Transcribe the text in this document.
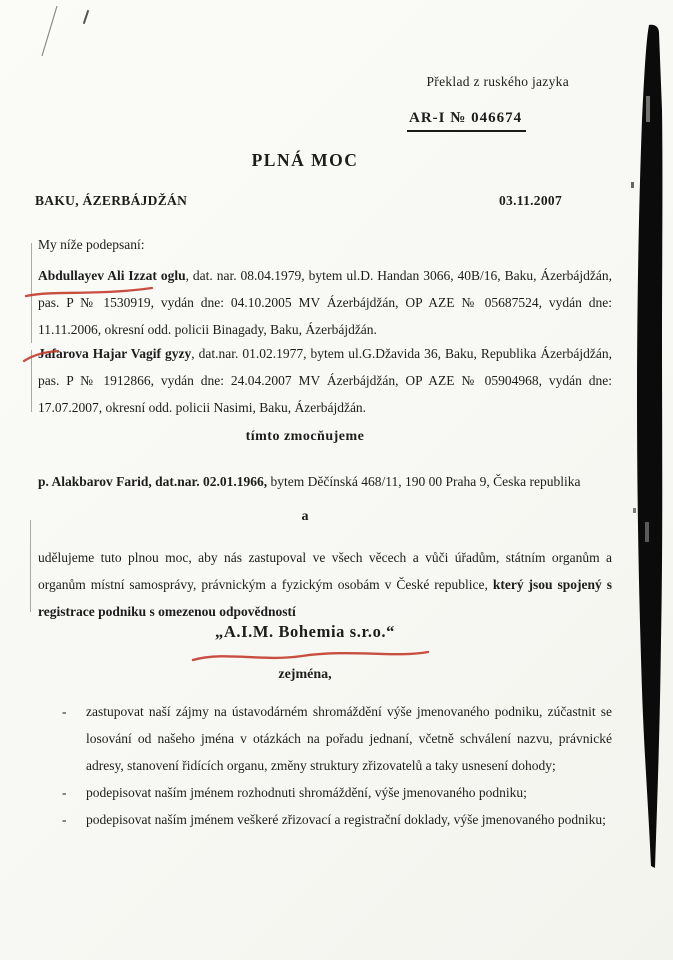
Překlad z ruského jazyka
AR-I № 046674
PLNÁ MOC
BAKU, ÁZERBÁJDŽÁN	03.11.2007
My níže podepsaní:
Abdullayev Ali Izzat oglu, dat. nar. 08.04.1979, bytem ul.D. Handan 3066, 40B/16, Baku, Ázerbájdžán, pas. P № 1530919, vydán dne: 04.10.2005 MV Ázerbájdžán, OP AZE № 05687524, vydán dne: 11.11.2006, okresní odd. policii Binagady, Baku, Ázerbájdžán.
Jafarova Hajar Vagif gyzy, dat.nar. 01.02.1977, bytem ul.G.Džavida 36, Baku, Republika Ázerbájdžán, pas. P № 1912866, vydán dne: 24.04.2007 MV Ázerbájdžán, OP AZE № 05904968, vydán dne: 17.07.2007, okresní odd. policii Nasimi, Baku, Ázerbájdžán.
tímto zmocňujeme
p. Alakbarov Farid, dat.nar. 02.01.1966, bytem Děčínská 468/11, 190 00 Praha 9, Česka republika
a
udělujeme tuto plnou moc, aby nás zastupoval ve všech věcech a vůči úřadům, státním organům a organům místní samosprávy, právnickým a fyzickým osobám v České republice, který jsou spojený s registrace podniku s omezenou odpovědností
„A.I.M. Bohemia s.r.o.“
zejména,
-	zastupovat naší zájmy na ústavodárném shromáždění výše jmenovaného podniku, zúčastnit se losování od našeho jména v otázkách na pořadu jednaní, včetně schválení nazvu, právnické adresy, stanovení řidících organu, změny struktury zřizovatelů a taky usnesení dohody;
-	podepisovat naším jménem rozhodnuti shromáždění, výše jmenovaného podniku;
-	podepisovat naším jménem veškeré zřizovací a registrační doklady, výše jmenovaného podniku;
